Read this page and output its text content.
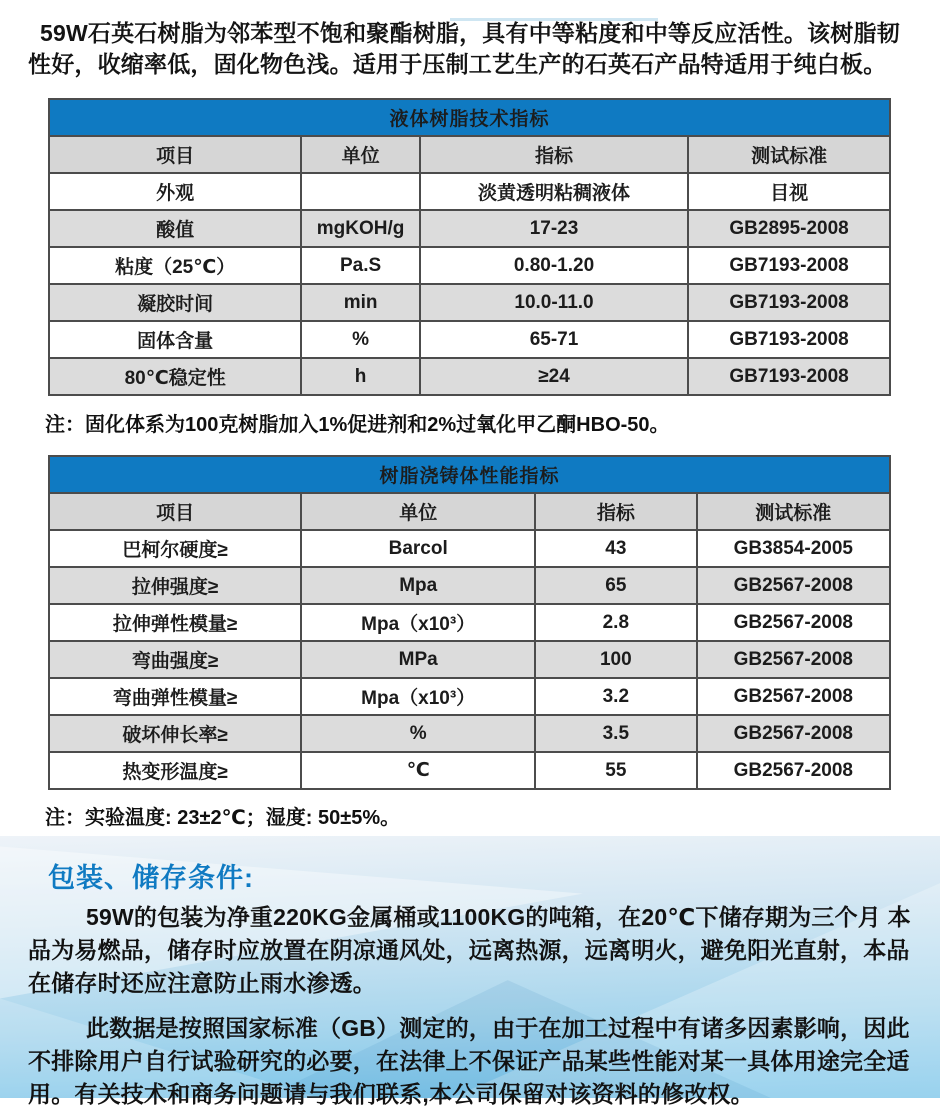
59W石英石树脂为邻苯型不饱和聚酯树脂，具有中等粘度和中等反应活性。该树脂韧性好，收缩率低，固化物色浅。适用于压制工艺生产的石英石产品特适用于纯白板。

液体树脂技术指标			
项目	单位	指标	测试标准
外观		淡黄透明粘稠液体	目视
酸值	mgKOH/g	17-23	GB2895-2008
粘度（25℃）	Pa.S	0.80-1.20	GB7193-2008
凝胶时间	min	10.0-11.0	GB7193-2008
固体含量	%	65-71	GB7193-2008
80℃稳定性	h	≥24	GB7193-2008

注：固化体系为100克树脂加入1%促进剂和2%过氧化甲乙酮HBO-50。

树脂浇铸体性能指标			
项目	单位	指标	测试标准
巴柯尔硬度≥	Barcol	43	GB3854-2005
拉伸强度≥	Mpa	65	GB2567-2008
拉伸弹性模量≥	Mpa（x10³）	2.8	GB2567-2008
弯曲强度≥	MPa	100	GB2567-2008
弯曲弹性模量≥	Mpa（x10³）	3.2	GB2567-2008
破坏伸长率≥	%	3.5	GB2567-2008
热变形温度≥	℃	55	GB2567-2008

注：实验温度: 23±2℃；湿度: 50±5%。

包装、储存条件:

59W的包装为净重220KG金属桶或1100KG的吨箱，在20℃下储存期为三个月 本品为易燃品，储存时应放置在阴凉通风处，远离热源，远离明火，避免阳光直射，本品在储存时还应注意防止雨水渗透。

此数据是按照国家标准（GB）测定的，由于在加工过程中有诸多因素影响，因此不排除用户自行试验研究的必要，在法律上不保证产品某些性能对某一具体用途完全适用。有关技术和商务问题请与我们联系,本公司保留对该资料的修改权。
